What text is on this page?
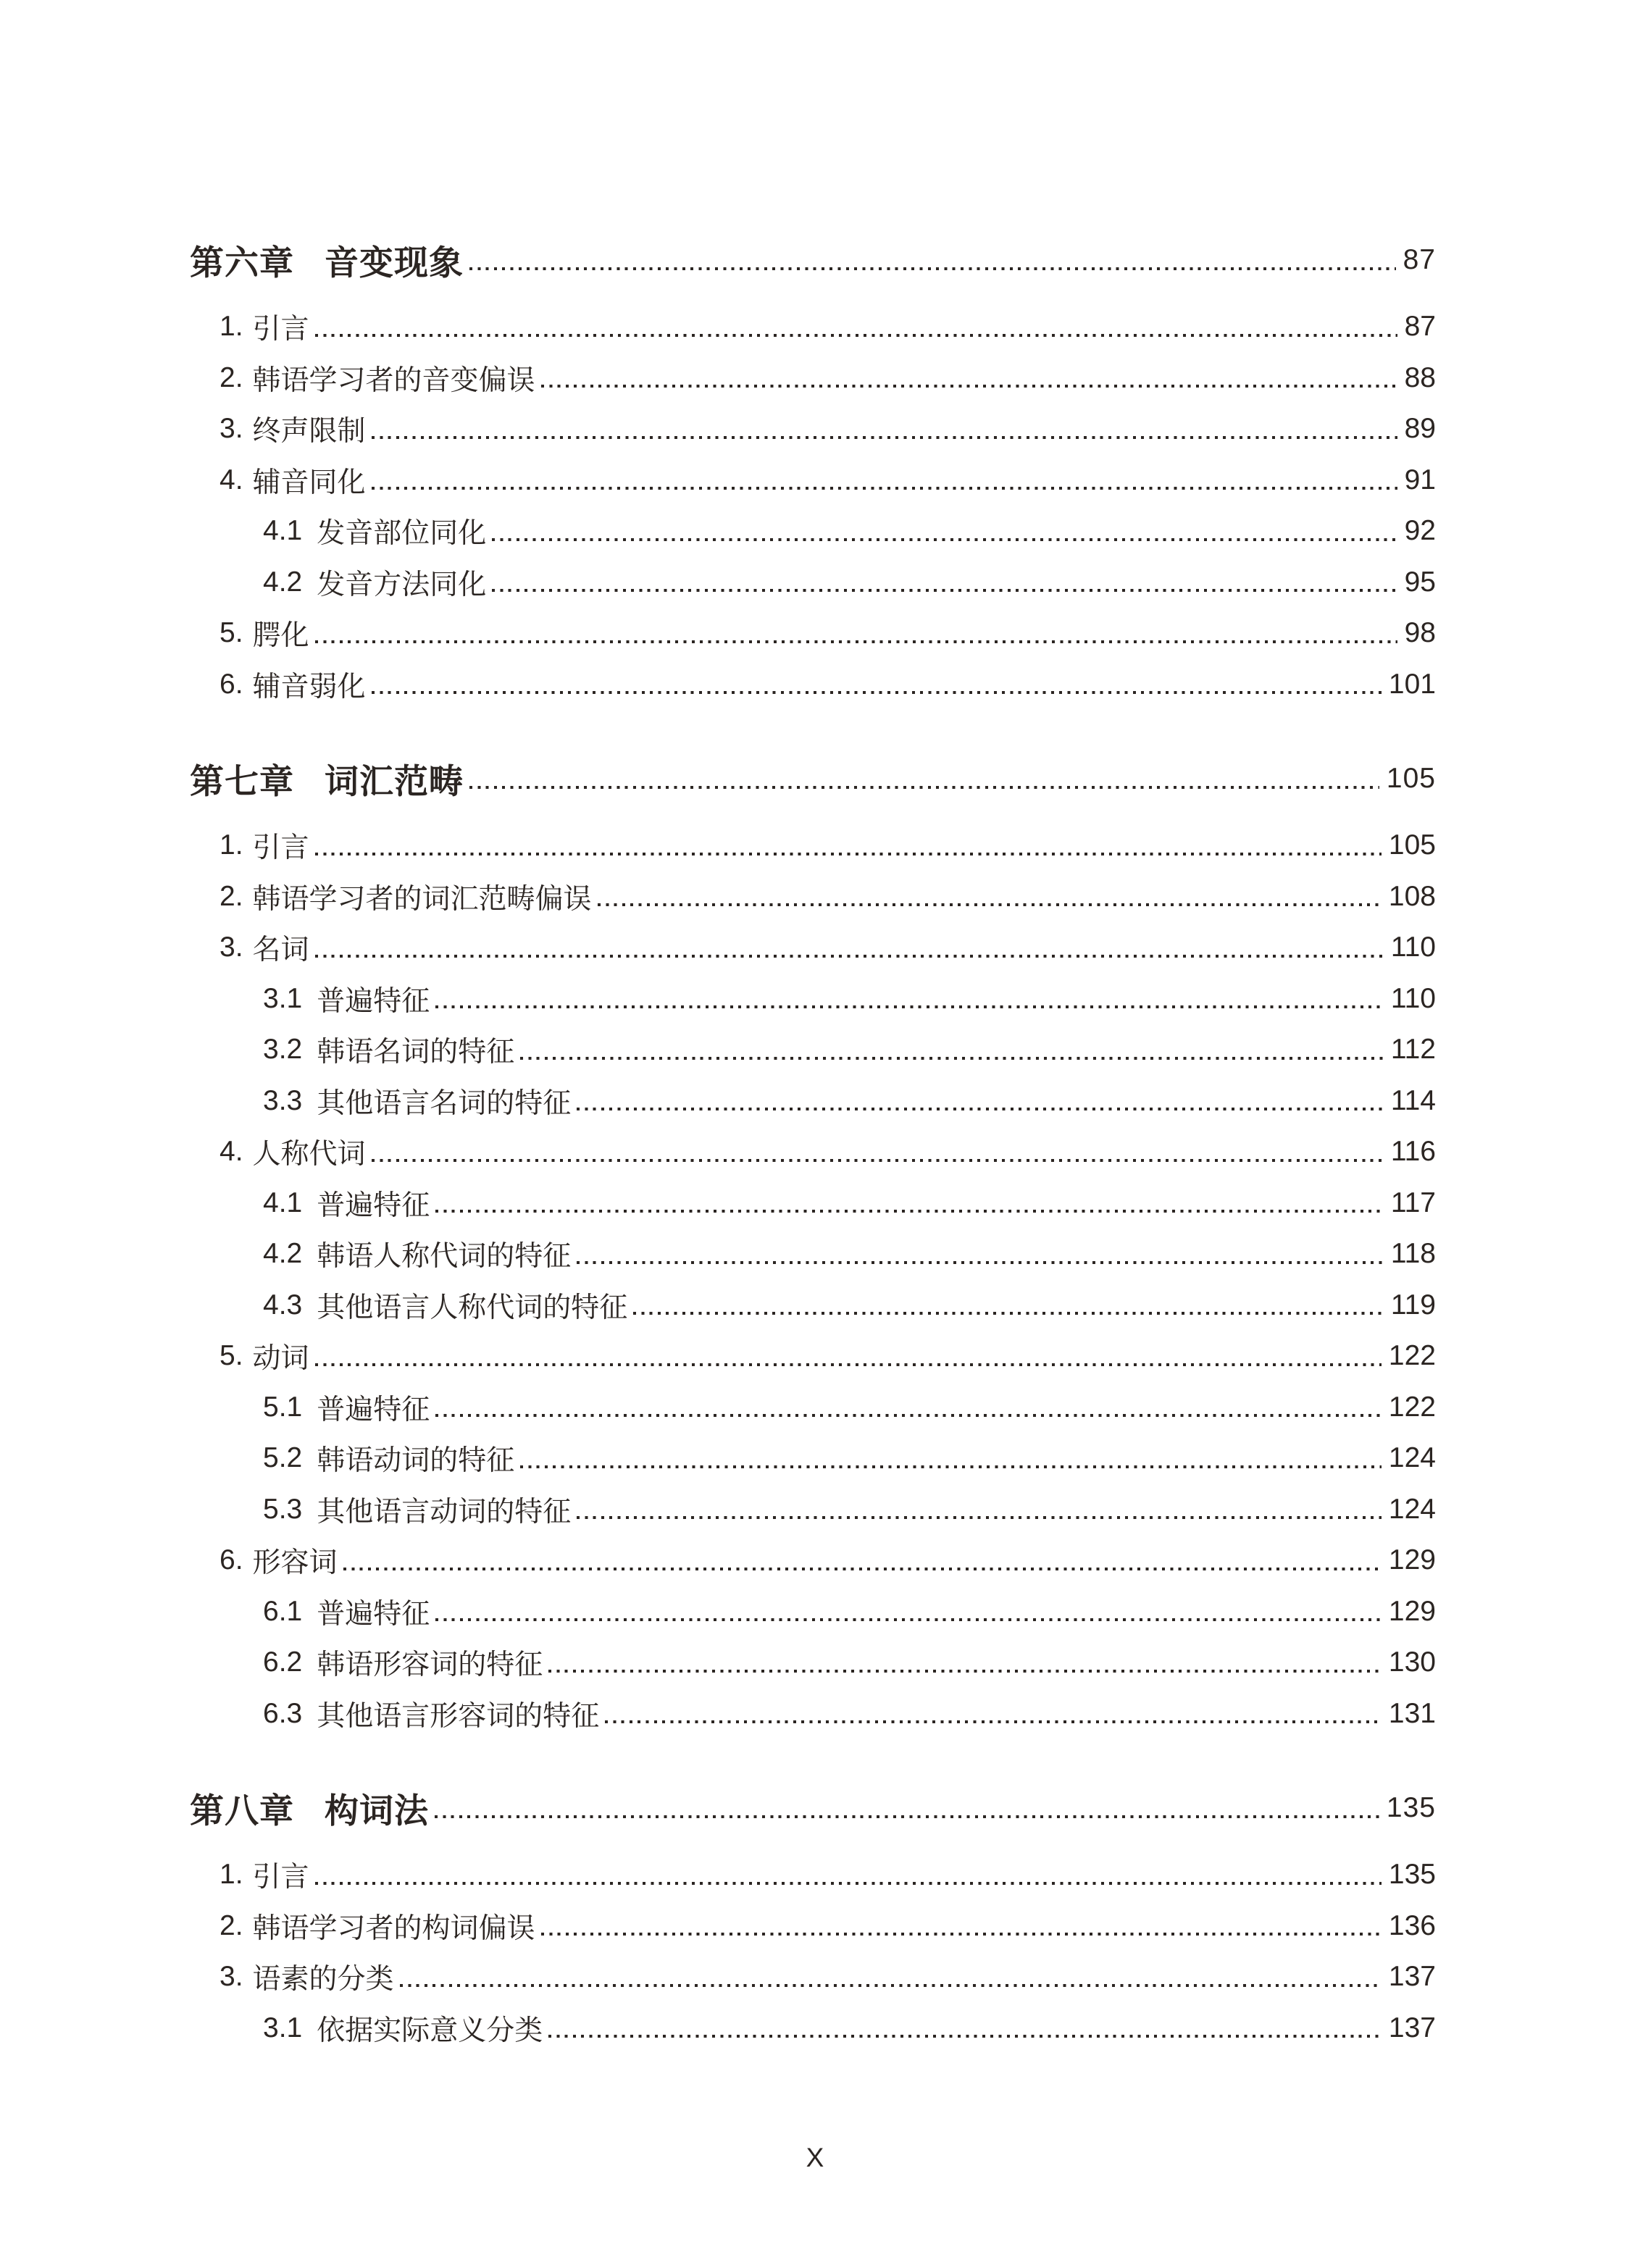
第六章 音变现象	87
1. 引言	87
2. 韩语学习者的音变偏误	88
3. 终声限制	89
4. 辅音同化	91
4.1 发音部位同化	92
4.2 发音方法同化	95
5. 腭化	98
6. 辅音弱化	101
第七章 词汇范畴	105
1. 引言	105
2. 韩语学习者的词汇范畴偏误	108
3. 名词	110
3.1 普遍特征	110
3.2 韩语名词的特征	112
3.3 其他语言名词的特征	114
4. 人称代词	116
4.1 普遍特征	117
4.2 韩语人称代词的特征	118
4.3 其他语言人称代词的特征	119
5. 动词	122
5.1 普遍特征	122
5.2 韩语动词的特征	124
5.3 其他语言动词的特征	124
6. 形容词	129
6.1 普遍特征	129
6.2 韩语形容词的特征	130
6.3 其他语言形容词的特征	131
第八章 构词法	135
1. 引言	135
2. 韩语学习者的构词偏误	136
3. 语素的分类	137
3.1 依据实际意义分类	137
X
